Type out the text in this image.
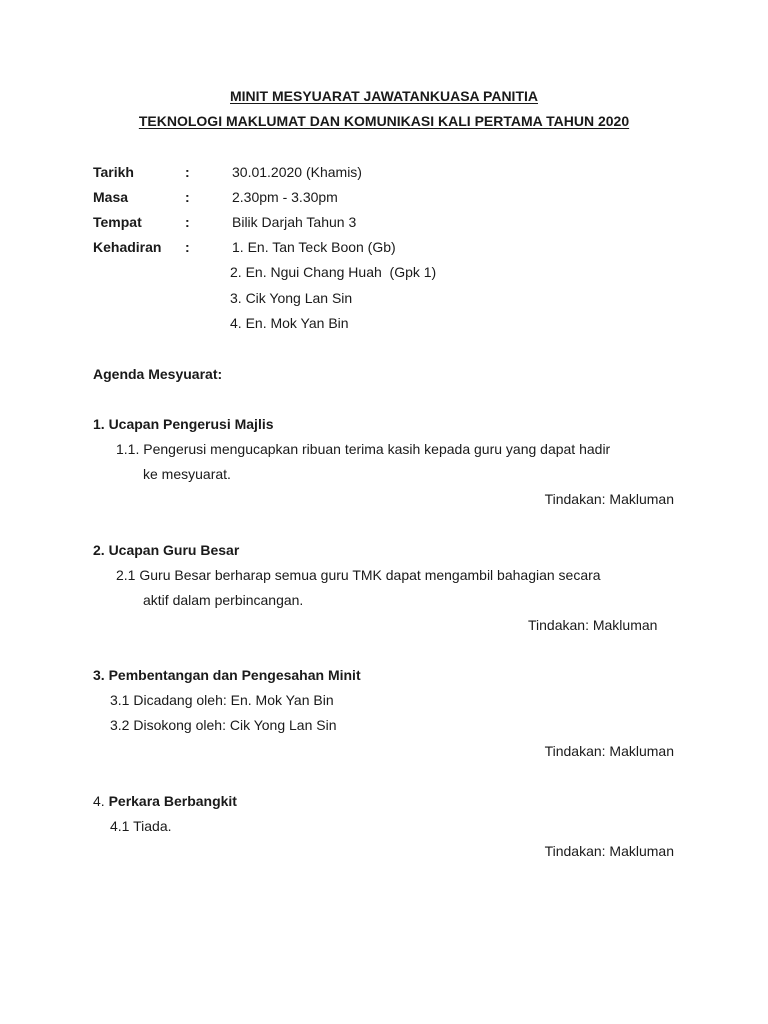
MINIT MESYUARAT JAWATANKUASA PANITIA
TEKNOLOGI MAKLUMAT DAN KOMUNIKASI KALI PERTAMA TAHUN 2020
Tarikh	:	30.01.2020 (Khamis)
Masa	:	2.30pm - 3.30pm
Tempat	:	Bilik Darjah Tahun 3
Kehadiran :	1. En. Tan Teck Boon (Gb)
2. En. Ngui Chang Huah  (Gpk 1)
3. Cik Yong Lan Sin
4. En. Mok Yan Bin
Agenda Mesyuarat:
1. Ucapan Pengerusi Majlis
1.1. Pengerusi mengucapkan ribuan terima kasih kepada guru yang dapat hadir
ke mesyuarat.
Tindakan: Makluman
2. Ucapan Guru Besar
2.1 Guru Besar berharap semua guru TMK dapat mengambil bahagian secara
aktif dalam perbincangan.
Tindakan: Makluman
3. Pembentangan dan Pengesahan Minit
3.1 Dicadang oleh: En. Mok Yan Bin
3.2 Disokong oleh: Cik Yong Lan Sin
Tindakan: Makluman
4. Perkara Berbangkit
4.1 Tiada.
Tindakan: Makluman
